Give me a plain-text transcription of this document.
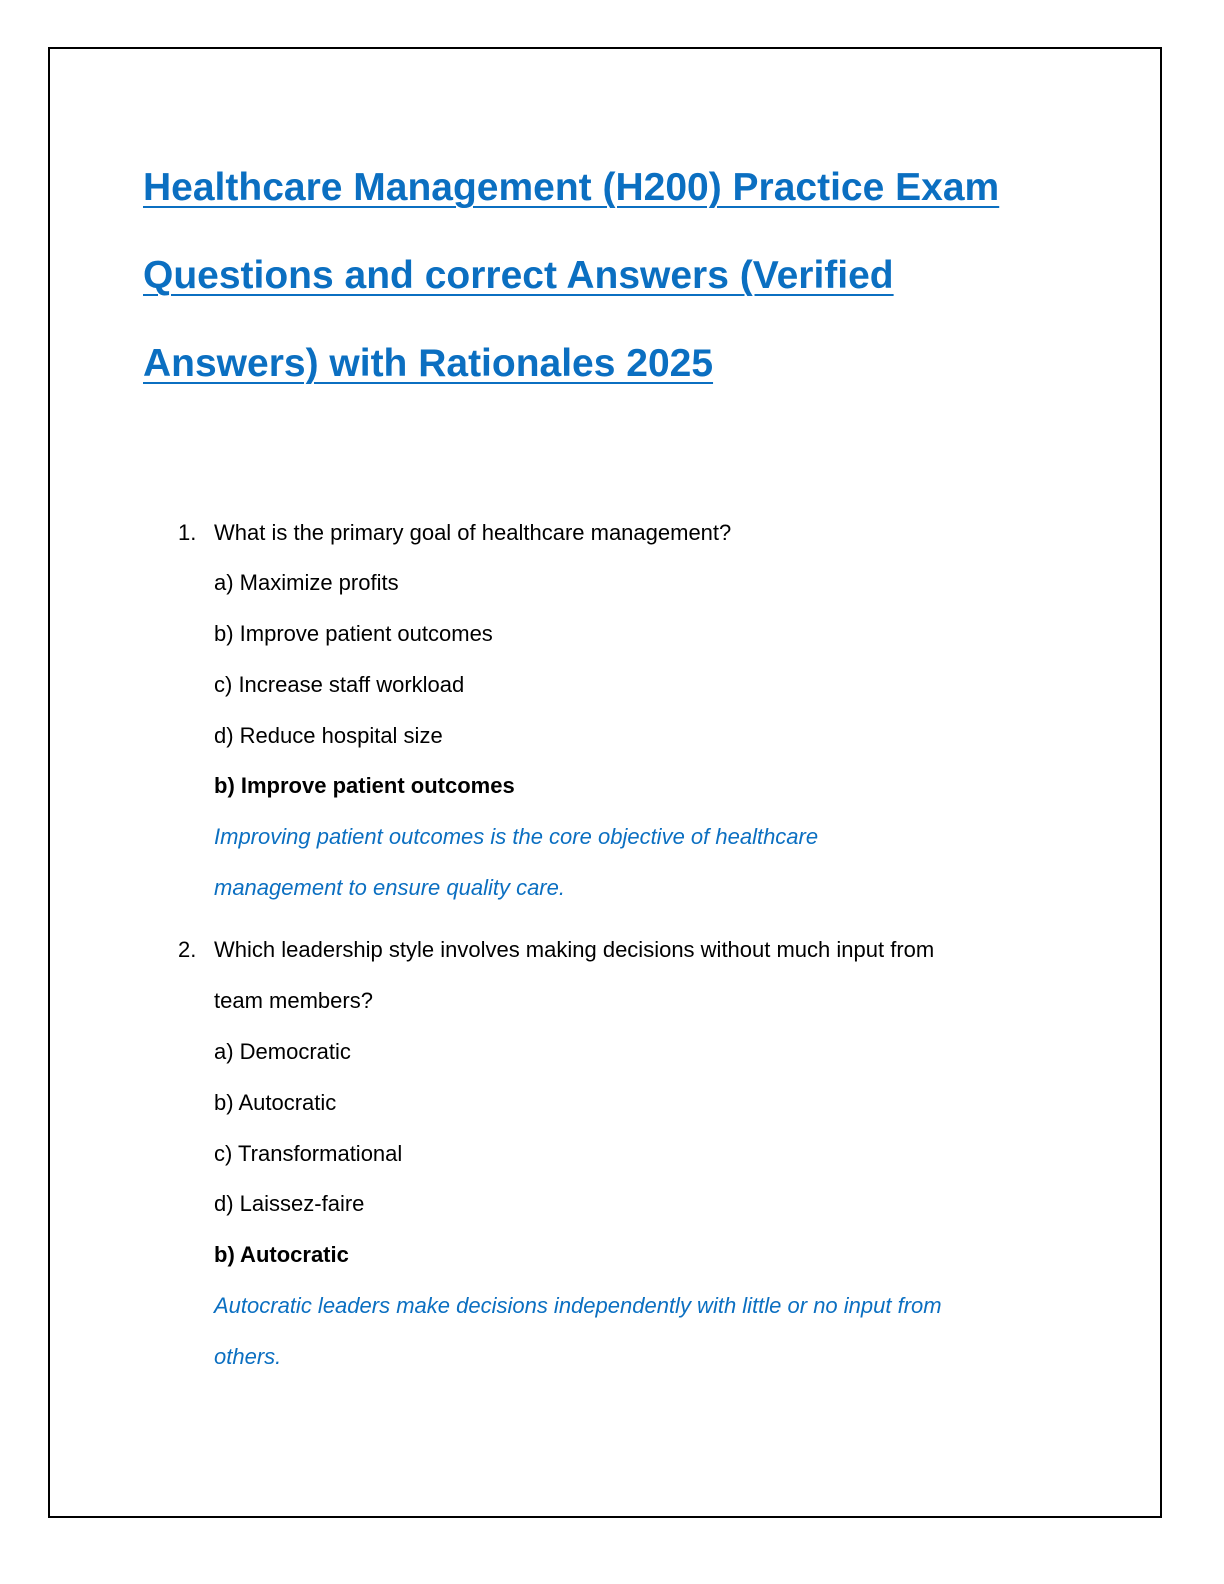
Healthcare Management (H200) Practice Exam
Questions and correct Answers (Verified
Answers) with Rationales 2025
1. What is the primary goal of healthcare management?
a) Maximize profits
b) Improve patient outcomes
c) Increase staff workload
d) Reduce hospital size
b) Improve patient outcomes
Improving patient outcomes is the core objective of healthcare
management to ensure quality care.
2. Which leadership style involves making decisions without much input from
team members?
a) Democratic
b) Autocratic
c) Transformational
d) Laissez-faire
b) Autocratic
Autocratic leaders make decisions independently with little or no input from
others.
